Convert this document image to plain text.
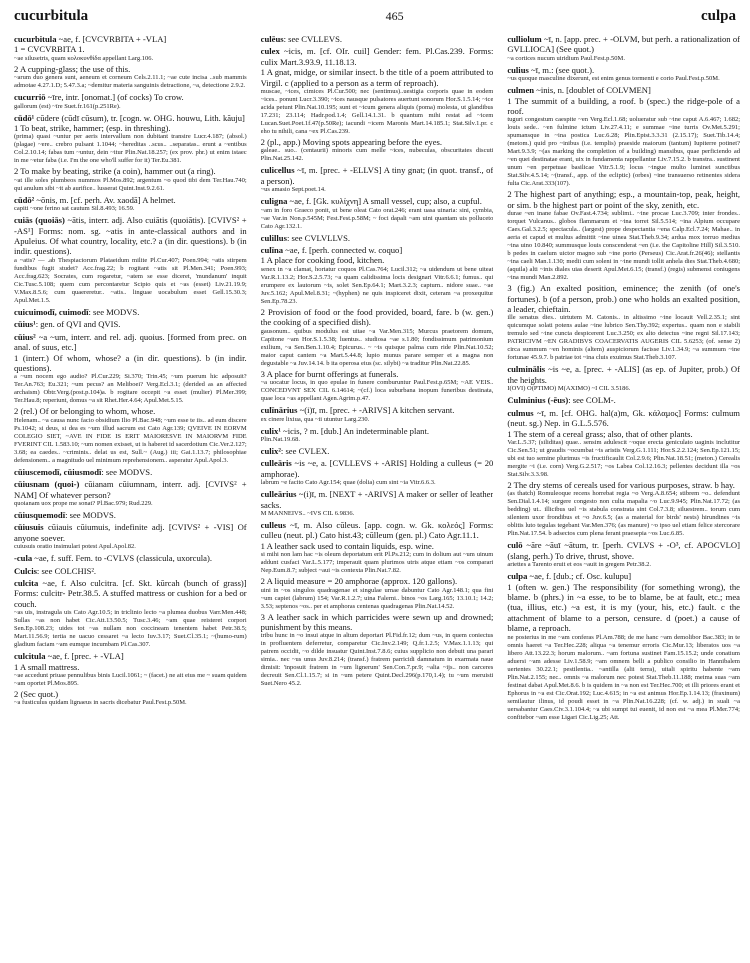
cucurbitula	465	culpa

cucurbitula ~ae, f. [CVCVRBITA + -VLA]

1 = CVCVRBITA 1.
~ae silusetris, quam κολοκυνθίδα appellant Larg.106.
2 A cupping-glass; the use of this.
~arum duo genera sunt, aeneum et corneum Cels.2.11.1; ~ae cute incisa ..sub mammis admotae 4.27.1.D; 5.47.3.a; ~demitur materia sanguinis detractione, ~a, detectione 2.9.2.

cucurriō ~īre, intr. [onomat.] (of cocks) To crow.

gallorum (est) ~īre Suet.fr.161(p.251Re).

cūdō¹ cūdere (cūdī cūsum), tr. [cogn. w. OHG. houwu, Lith. kãuju]

1 To beat, strike, hammer; (esp. in threshing).
(prima) quasi ~untur per aeris intervallum non dubitant transire Lucr.4.187; (absol.) (plagae) ~ere.. crebro pulsant 1.1044; ~hereditas ..scus.. ..separatas.. erunt a ~entibus Col.2.10.14; fabas tum ~untur, dein ~itur Plin.Nat.18.257; (ex prov. phr.) ut enim istaec in me ~etur faba (i.e. I'm the one who'll suffer for it) Ter.Eu.381.
2 To make by beating, strike (a coin), hammer out (a ring).
~at ille soles plumbeos nummos Pl.Mos.892; argentum ~o quod tibi dem Ter.Hau.740; qui anulum sibi ~it ab aurifice.. lusserat Quint.Inst.9.2.61.

cūdō² ~ōnis, m. [cf. perh. Av. xaodā] A helmet.

capiti ~one ferino sat cautum Sil.8.493; 16.59.

cuiās (quoiās) ~ātis, interr. adj. Also cuiātis (quoiātis). [CVIVS² + -AS¹] Forms: nom. sg. ~atis in ante-classical authors and in Apuleius. Of what country, locality, etc.? a (in dir. questions). b (in indir. questions).

a ~atis? — .ab Thespiaciorum Plataeidum milite Pl.Cur.407; Poen.994; ~atis stirpem fundibus fugit studet? Acc.frag.22; b rogitant ~atis sit Pl.Men.341; Poen.993; Acc.frag.623; Socrates, cum rogaretur, ~atem se esse diceret, 'mundanum' inquit Cic.Tusc.5.108; quem cum percontaretur Scipio quis et ~as (esset) Liv.21.19.9; V.Max.8.5.6; cum quaereretur.. ~atis.. linguae uocabulum esset Gell.15.30.3; Apul.Met.1.5.

cuicuimodī, cuimodī: see MODVS.

cūius¹: gen. of QVI and QVIS.

cūius² ~a ~um, interr. and rel. adj. quoius. [formed from prec. on anal. of suus, etc.]

1 (interr.) Of whom, whose? a (in dir. questions). b (in indir. questions).
a ~um nocem ego audio? Pl.Cur.229; Si.370; Trin.45; ~um puerum hic adposuit? Ter.An.763; Eu.321; ~um pecus? an Meliboei? Verg.Ecl.3.1; (derided as an affected archaism) Obtr.Verg.(post.p.104)a. b rogitare occepit ~a esset (mulier) Pl.Mer.399; Ter.Hau.8; reperiunt, domus ~a sit Rhet.Her.4.64; Apul.Met.5.15.
2 (rel.) Of or belonging to whom, whose.
Helenam.. ~a causa nunc facio obsidium Ilio Pl.Bac.948; ~um esse te iis.. ad eum discere Ps.1042; si deus, si dea es ~um illud sacrum est Cato Agr.139; QVEIVE IN EORVM COLEGIO SIET, ~AVE IN FIDE IS ERIT MAIORESVE IN MAIORVM FIDE FVERINT CIL 1.583.10; ~um nomen exisset, ut is haberet id sacerdotium Cic.Ver.2.127; 3.68; ea caedes.. ~criminis.. delat us est, Sull.~ (Aug.) iii; Gai.1.13.7; philosophiae defensionem.. a magnitudo uel minimum reprehensionem.. asperatur Apul.Apol.3.

cūiuscemodī, cūiusmodī: see MODVS.

cūiusnam (quoi-) cūianam cūiumnam, interr. adj. [CVIVS² + NAM] Of whatever person?

quoianam uox prope me sonat? Pl.Bac.979; Rud.229.

cūiusquemodī: see MODVS.

cūiusuis cūiauis cūiumuis, indefinite adj. [CVIVS² + -VIS] Of anyone soever.

cuiusuis oratio insimulari potest Apul.Apol.82.

-cula ~ae, f. suff. Fem. to -CVLVS (classicula, uxorcula).

Culcis: see COLCHIS².

culcita ~ae, f. Also culcitra. [cf. Skt. kūrcah (bunch of grass)] Forms: culcitr- Petr.38.5. A stuffed mattress or cushion for a bed or couch.

~as uis, instragula uis Cato Agr.10.5; in triclinio lecto ~a plumea duobus Varr.Men.448; Sullas ~as non habet Cic.Att.13.50.5; Tusc.3.46; ~am quae reisteret corpori Sen.Ep.108.23; uides tot ~as nullam non coccineam tenentem habet Petr.38.5; Mart.11.56.9; tertia ne uacuo cessaret ~a lecto Iuv.3.17; Suet.Cl.35.1; ~(humo-rum) gladium faciam ~am eumque incumbam Pl.Cas.307.

culcitula ~ae, f. [prec. + -VLA]

1 A small mattress.
~ae accedunt priuae pennulibus binis Lucil.1061; ~ (facet.) ne ait eius me ~ suam quidem ~am oportet Pl.Mos.895.
2 (Sec quot.)
~a fusticulus quidam lignaeus in sacris dicebatur Paul.Fest.p.50M.

culēus: see CVLLEVS.

culex ~icis, m. [cf. OIr. cuil] Gender: fem. Pl.Cas.239. Forms: culix Mart.3.93.9, 11.18.13.

1 A gnat, midge, or similar insect. b the title of a poem attributed to Virgil. c (applied to a person as a term of reproach).
muscae, ~ices, cimices Pl.Cur.500; nec (sentimus)..uestigia corporis quae in eodem ~ices.. ponunt Lucr.3.390; ~ices nausque pulsatores auertunt sonorum Hor.S.1.5.14; ~ice acida petunt Plin.Nat.10.195; sunt et ~icum genera aliquis (poma) molesta, ut glandibus 17.231; 23.114; Hadr.pod.1.4; Gell.14.1.31. b quantum mihi restat ad ~icem Lucan.Suet.Poet.1f.47(p.50Re); iacundi ~icem Maronis Mart.14.185.1; Stat.Silv.1.pr. c eho tu nihili, cana ~ex Pl.Cas.239.
2 (pl., app.) Moving spots appearing before the eyes.
galeae.. suo.. (centaurii) minoris cum melle ~ices, nubeculas, obscuritates discuti Plin.Nat.25.142.

culicellus ~ī, m. [prec. + -ELLVS] A tiny gnat; (in quot. transf., of a person).

~us amasio Sept.poet.14.

culigna ~ae, f. [Gk. κυλίχνη] A small vessel, cup; also, a cupful.

~am in foro Graeco ponit, ut bene oleat Cato orat.246; erant uasa uinaria: sini, cymbia, ~ae Var.in Non.p.545M; Fest.Fest.p.58M; ~ foci dapali ~am uini quantam uis polluceto Cato Agr.132.1.

culillus: see CVLVLLVS.

culīna ~ae, f. [perh. connected w. coquo]

1 A place for cooking food, kitchen.
senex in ~a clamat, hortatur coquos Pl.Cas.764; Lucil.312; ~a uidendum ut bene uiteat Var.R.1.13.2; Hor.S.2.5.73; ~a quam calidissima locis designari Vitr.6.6.1; fumus.. qui erumpere ex lautorum ~is, solet Sen.Ep.64.1; Mart.3.2.3; capturn.. nidore suae.. ~ae Juv.5.162; Apul.Mel.8.31; ~(hyphen) ne quis inspiceret dixit, ceteram ~a proxequitur Sen.Ep.78.23.
2 Provision of food or the food provided, board, fare. b (w. gen.) the cooking of a specified dish).
gausonum.. quibus modulus est uitae ~a Var.Men.315; Murcus praetorem domum, Capitone ~am Hor.S.1.5.38; luentus.. studiosa ~ae s.1.80; fondissimum patrimonium exilium, ~a Sen.Ben.1.10.4; Epicurus.. ~ ~is quisque palma cum ride Plin.Nat.10.52; maior caput cantem ~a Mart.5.44.8; lupio munus parare semper et a magna non degustable ~a Juv.14.14. b ita operosa eius (sc. silybi) ~a traditur Plin.Nat.22.85.
3 A place for burnt offerings at funerals.
~a uocatur locus, in quo epulae in funere comburuntur Paul.Fest.p.65M; ~AE VEIS.. CONCEDVNT SEX CIL 6.14614; ~(cf.) loca suburbana inopum funeribus destinata, quae loca ~as appellant Agen.Agrim.p.47.

culīnārius ~(i)ī, m. [prec. + -ARIVS] A kitchen servant.

ex cinere lixiua, qua ~ii utuntur Larg.230.

culix¹ ~icis, ? m. [dub.] An indeterminable plant.

Plin.Nat.19.68.

culix²: see CVLEX.

culleāris ~is ~e, a. [CVLLEVS + -ARIS] Holding a culleus (= 20 amphorae).

labrum ~e facito Cato Agr.154; quae (dolia) cum sint ~ia Vitr.6.6.3.

culleārius ~(i)ī, m. [NEXT + -ARIVS] A maker or seller of leather sacks.

M MANNEIVS.. ~IVS CIL 6.9836.

culleus ~ī, m. Also cūleus. [app. cogn. w. Gk. κολεός] Forms: culleu (neut. pl.) Cato hist.43; cūlleum (gen. pl.) Cato Agr.11.1.

1 A leather sack used to contain liquids, esp. wine.
si mihi non lam hac ~is oleum deportatum erit Pl.Ps.212; cum in dolium aut ~um uinum addunt cusfaci Var.L.5.177; imperauit quam plurimos utris atque etiam ~os comparari Nep.Eum.8.7; subject ~aui ~is contexta Plin.Nat.7.82.
2 A liquid measure = 20 amphorae (approx. 120 gallons).
uini in ~os singulos quadragenae et singulae urnae dabuntur Cato Agr.148.1; qua fini ~um capiet (labrum) 154; Var.R.1.2.7; uina Falerni.. binos ~os Larg.165; 13.10.1; 14.2; 3.53; septenos ~os.. per et amphoras centenas quadragenas Plin.Nat.14.52.
3 A leather sack in which parricides were sewn up and drowned; punishment by this means.
tribu hunc in ~o insui atque in altum deportari Pl.Fid.fr.12; dum ~us, in quem coniectus in profluentem deferretur, comparetur Cic.Inv.2.149; Q.fr.1.2.5; V.Max.1.1.13; qui patrem occidit, ~o dilde insuatur Quint.Inst.7.8.6; cuius supplicio non debuit una parari simia.. nec ~us unus Juv.8.214; (transf.) fratrem parricidi damnatum in exarmata naue dimisit: 'inposuit fratrem in ~um lignerum' Sen.Con.7.pr.9; ~alia ~ijs.. non carceres decreuit Sen.Cl.1.15.7; si in ~um petere Quint.Decl.296(p.170,1.4); tu ~um meruisti Suet.Nero 45.2.

culliolum ~ī, n. [app. prec. + -OLVM, but perh. a rationalization of GVLLIOCA] (See quot.)

~a cortices nucum uiridium Paul.Fest.p.50M.

culius ~ī, m.: (see quot.).

~us quoque masculine dixerunt, est enim genus tormenti e corio Paul.Fest.p.50M.

culmen ~inis, n. [doublet of COLVMEN]

1 The summit of a building, a roof. b (spec.) the ridge-pole of a roof.
tuguri congestum caespite ~en Verg.Ecl.1.68; uolueratur sub ~ine caput A.6.467; 1.682; louis sede.. ~en fulmine ictum Liv.27.4.11; e summae ~ine turris Ov.Met.5.291; spumansque in ~ina postica Luc.6.28; Plin.Epist.3.3.31 (2.15.17); Suet.Tib.14.4; (metom.) quid pro ~inibus (i.e. templis) praeside maiorum (tantum) Iupiterre potinet? Mart.9.3.9; ~(as marking the completion of a building) mansibus, quae perficiendo ad ~en quei destinatae erant, uix in fundamenta rappellantur Liv.7.15.2. b transtra.. sustinent unum ~en perpetuae basilicae Vitr.5.1.9; locus ~ingue multo luminei sunctibus Stat.Silv.4.5.14; ~(transf., app. of the ecliptic) (orbes) ~ine transuerso retinentes sidera fulta Cic.Arat.333(107).
2 The highest part of anything; esp., a mountain-top, peak, height, or sim. b the highest part or point of the sky, zenith, etc.
durae ~en inane fabae Ov.Fast.4.734; sublimi.. ~ine procae Luc.3.709; inter frondes.. torquet Vulcanus.. globos flammarum et ~ina torret Sil.5.514; ~ina Alpium occupare Caes.Gal.3.2.5; spectacula.. (largest) prope despectantia ~ena Calp.Ecl.7.24; Mahae.. in aeria et capud et multus admittit ~ine uinea Stat.Theb.9.34; ardua mox torruo medius ~ina uino 10.840; summusque louis conscenderat ~en (i.e. the Capitoline Hill) Sil.3.510. b pedes in caelum uictor magno sub ~ine porto (Perseus) Cic.Arat.fr.26(46); stellantis ~ina caeli Man.1.130; medii cum soleni in ~ine mundi tollit anhela dies Stat.Theb.4.680; (aquila) alti ~inis diales uias deserit Apul.Met.6.15; (transf.) (regis) submensi coniugens ~ina mundi Man.2.892.
3 (fig.) An exalted position, eminence; the zenith (of one's fortunes). b (of a person, prob.) one who holds an exalted position, a leader, chieftain.
ille senatus dies.. uirtutem M. Catonis.. in altissimo ~ine locauit Vell.2.35.1; sint quicumque solati potens aulae ~ine lubrico Sen.Thy.392; expertus.. quam non e stabili tremulo sed ~ine cuncta despicerent Luc.3.250; ex alto deiectus ~ine regni Sil.17.143; PATRICIVM ~EN GRADIBVS COACERVATIS AUGERIS CIL 5.6253; (of. sense 2) circa summum ~en hominis (altem) auspiciorum facisse Liv.1.34.9; ~a summum ~ine fortunae 45.9.7. b patriae tot ~ina cluis exuimus Stat.Theb.3.107.

culminālis ~is ~e, a. [prec. + -ALIS] (as ep. of Jupiter, prob.) Of the heights.

I(OVI) O(PTIMO) M(AXIMO) ~I CIL 3.5186.

Culminius (-ēus): see COLM-.

culmus ~ī, m. [cf. OHG. hal(a)m, Gk. κάλαμος] Forms: culmum (neut. sg.) Nep. in G.L.5.576.

1 The stem of a cereal grass; also, that of other plants.
Var.L.5.37; (siliditas) quae.. sensim adulescit ~oque erecta geniculato uaginis inclutitur Cic.Sen.51; ut graudis ~ocumbat ~is aristis Verg.G.1.111; Hor.S.2.2.124; Sen.Ep.121.15; ubi est tuo semine plurimus ~is fructificaulit Col.2.9.6; Plin.Nat.18.51; (meton.) Cerealis mergite ~i (i.e. corn) Verg.G.2.517; ~os Labea Col.12.16.3; pellentes decidunt illa ~os Stat.Silv.3.3.98.
2 The dry stems of cereals used for various purposes, straw. b hay.
(as thatch) Romuleoque recens horrebat regia ~o Verg.A.8.654; stibrem ~o.. defendunt Sen.Dial.1.4.14; surgere congesto non culta mapalia ~o Luc.9.945; Plin.Nat.17.72; (as bedding) ut.. illicibus uel ~is stabula constrata sint Col.7.3.8; siluestrem.. torum cum silentem uxor frondibus et ~o Juv.6.5; (as a material for birds' nests) hirundines ~is oblitis luto tegulas tegebant Var.Men.376; (as manure) ~o ipso uel etiam felice stercorare Plin.Nat.17.54. b adsectos cum plena ferant praesepia ~os Luc.6.85.

culō ~āre ~āuī ~ātum, tr. [perh. CVLVS + -O³, cf. APOCVLO] (slang, perh.) To drive, thrust, shove.

ariettes a Tarento eruit et eos ~auit in gregem Petr.38.2.

culpa ~ae, f. [dub.; cf. Osc. kulupu]

1 (often w. gen.) The responsibility (for something wrong), the blame. b (phrs.) in ~a esse, to be to blame, be at fault, etc.; mea (tua, illius, etc.) ~a est, it is my (your, his, etc.) fault. c the attachment of blame to a person, censure. d (poet.) a cause of blame, a reproach.
ne posterius in me ~am conferas Pl.Am.788; de me hanc ~am demolibor Bac.383; in te omnis haeret ~a Ter.Hec.228; aliqua ~a tenemur erroris Cic.Mur.13; liberatos uos ~a libero Att.13.22.3; horum malorum.. ~am fortuna sustinet Fam.15.15.2; unde conatium aduersi ~am adesse Liv.1.58.9; ~am omnem belli a publico consilio in Hannibalem uertentes 30.22.1; pestilentia.. ~antilla (alii terra), uitali spiritu habente ~am Plin.Nat.2.155; nec.. omnis ~a malorum nec potest Stat.Theb.11.188; meima suas ~am festinat dabat Apul.Met.8.6. b is quidem in ~a non est Ter.Hec.700; et illi priores erant et Ephorus in ~a est Cic.Orat.192; Luc.4.615; in ~a est animus Hor.Ep.1.14.13; (fraxinum) semilautur ilinus, id poudi esset in ~a Plin.Nat.16.228; (cf. w. adj.) in suali ~a uersabantur Caes.Civ.3.1.104.4; ~a ubi sumpt tui euenit, id non est ~a mea Pl.Mer.774; confitebor ~am esse Ligari Cic.Lig.25; Att.
